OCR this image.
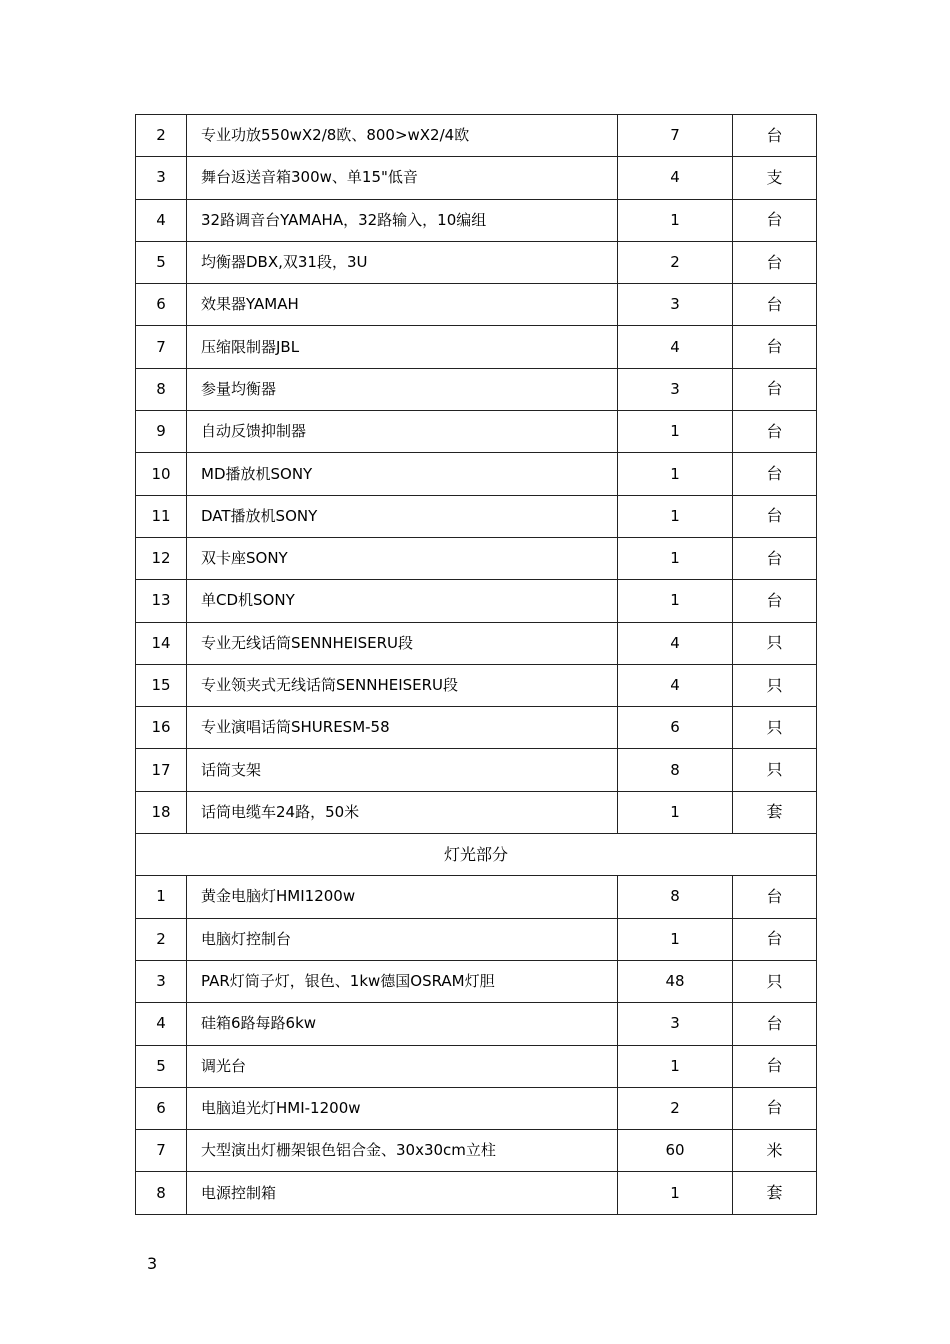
2	专业功放550wX2/8欧、800>wX2/4欧	7	台
3	舞台返送音箱300w、单15"低音	4	支
4	32路调音台YAMAHA，32路输入，10编组	1	台
5	均衡器DBX,双31段，3U	2	台
6	效果器YAMAH	3	台
7	压缩限制器JBL	4	台
8	参量均衡器	3	台
9	自动反馈抑制器	1	台
10	MD播放机SONY	1	台
11	DAT播放机SONY	1	台
12	双卡座SONY	1	台
13	单CD机SONY	1	台
14	专业无线话筒SENNHEISERU段	4	只
15	专业领夹式无线话筒SENNHEISERU段	4	只
16	专业演唱话筒SHURESM-58	6	只
17	话筒支架	8	只
18	话筒电缆车24路，50米	1	套
灯光部分			
1	黄金电脑灯HMI1200w	8	台
2	电脑灯控制台	1	台
3	PAR灯筒子灯，银色、1kw德国OSRAM灯胆	48	只
4	硅箱6路每路6kw	3	台
5	调光台	1	台
6	电脑追光灯HMI-1200w	2	台
7	大型演出灯栅架银色铝合金、30x30cm立柱	60	米
8	电源控制箱	1	套
3
